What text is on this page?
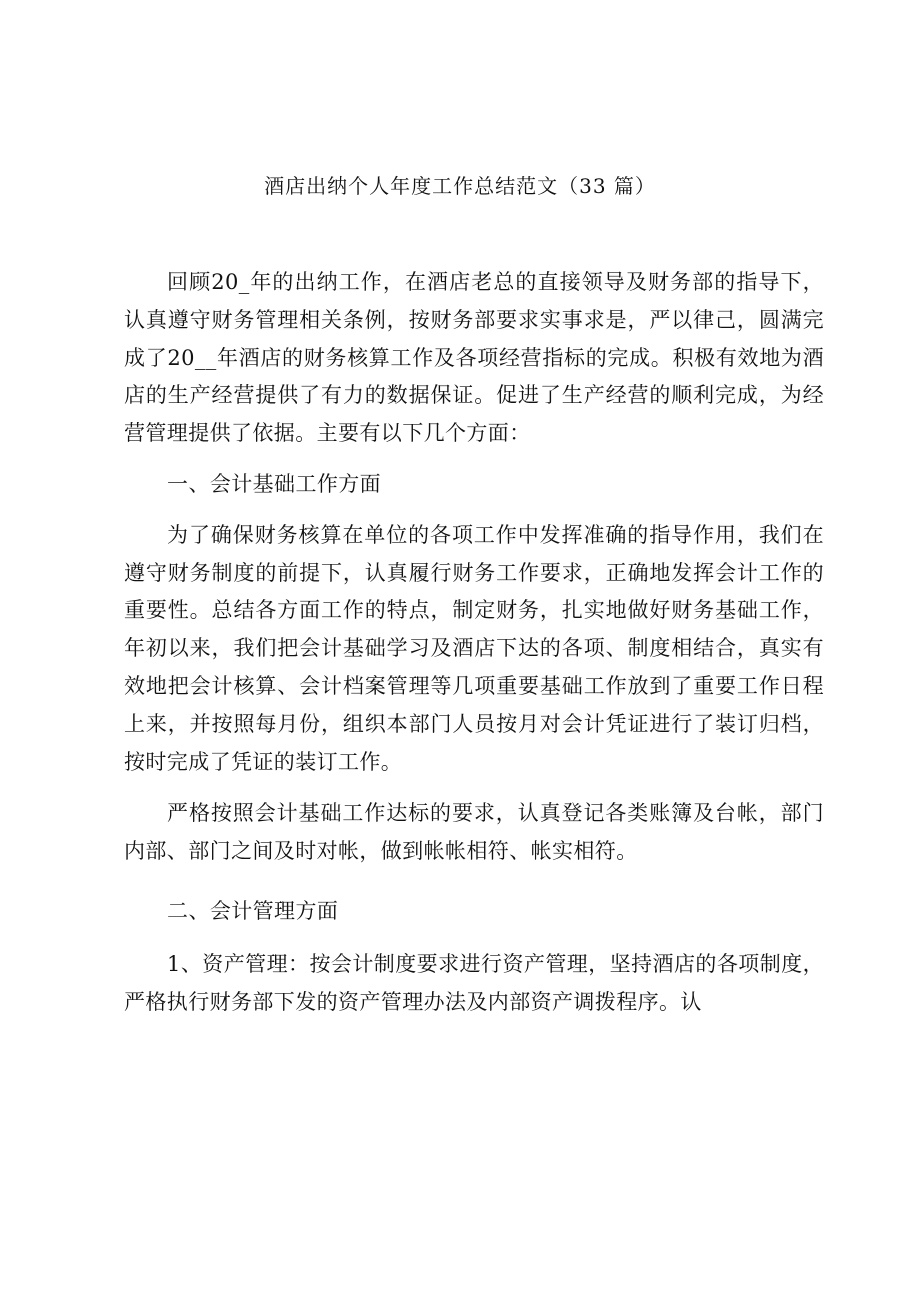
酒店出纳个人年度工作总结范文（33 篇）

回顾20_年的出纳工作，在酒店老总的直接领导及财务部的指导下，认真遵守财务管理相关条例，按财务部要求实事求是，严以律己，圆满完成了20__年酒店的财务核算工作及各项经营指标的完成。积极有效地为酒店的生产经营提供了有力的数据保证。促进了生产经营的顺利完成，为经营管理提供了依据。主要有以下几个方面：

一、会计基础工作方面

为了确保财务核算在单位的各项工作中发挥准确的指导作用，我们在遵守财务制度的前提下，认真履行财务工作要求，正确地发挥会计工作的重要性。总结各方面工作的特点，制定财务，扎实地做好财务基础工作，年初以来，我们把会计基础学习及酒店下达的各项、制度相结合，真实有效地把会计核算、会计档案管理等几项重要基础工作放到了重要工作日程上来，并按照每月份，组织本部门人员按月对会计凭证进行了装订归档，按时完成了凭证的装订工作。

严格按照会计基础工作达标的要求，认真登记各类账簿及台帐，部门内部、部门之间及时对帐，做到帐帐相符、帐实相符。

二、会计管理方面

1、资产管理：按会计制度要求进行资产管理，坚持酒店的各项制度，严格执行财务部下发的资产管理办法及内部资产调拨程序。认
